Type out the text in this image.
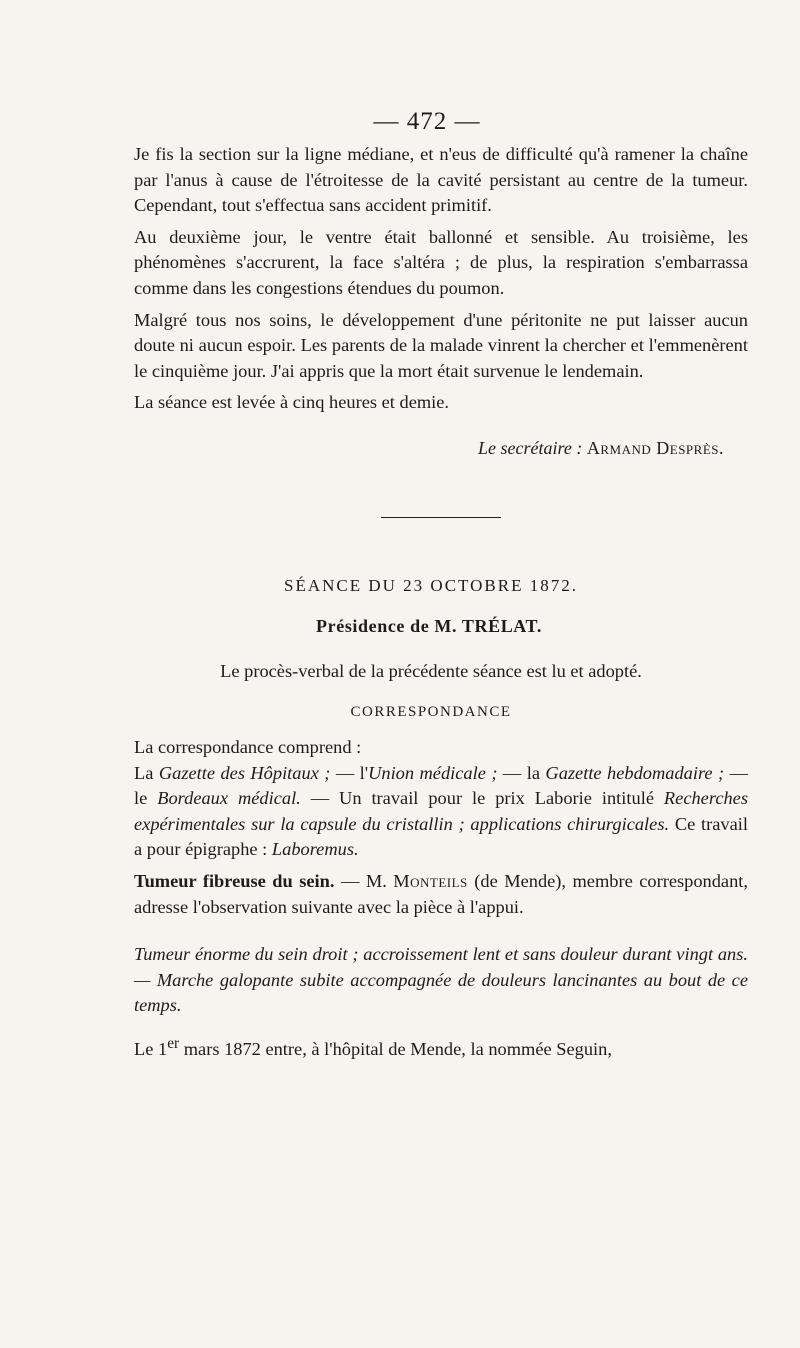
— 472 —

Je fis la section sur la ligne médiane, et n'eus de difficulté qu'à ramener la chaîne par l'anus à cause de l'étroitesse de la cavité persistant au centre de la tumeur. Cependant, tout s'effectua sans accident primitif.

Au deuxième jour, le ventre était ballonné et sensible. Au troisième, les phénomènes s'accrurent, la face s'altéra ; de plus, la respiration s'embarrassa comme dans les congestions étendues du poumon.

Malgré tous nos soins, le développement d'une péritonite ne put laisser aucun doute ni aucun espoir. Les parents de la malade vinrent la chercher et l'emmenèrent le cinquième jour. J'ai appris que la mort était survenue le lendemain.

La séance est levée à cinq heures et demie.

Le secrétaire : Armand Desprès.
SÉANCE DU 23 OCTOBRE 1872.
Présidence de M. TRÉLAT.
Le procès-verbal de la précédente séance est lu et adopté.
CORRESPONDANCE

La correspondance comprend :

La Gazette des Hôpitaux ; — l'Union médicale ; — la Gazette hebdomadaire ; — le Bordeaux médical. — Un travail pour le prix Laborie intitulé Recherches expérimentales sur la capsule du cristallin ; applications chirurgicales. Ce travail a pour épigraphe : Laboremus.

Tumeur fibreuse du sein. — M. Monteils (de Mende), membre correspondant, adresse l'observation suivante avec la pièce à l'appui.

Tumeur énorme du sein droit ; accroissement lent et sans douleur durant vingt ans. — Marche galopante subite accompagnée de douleurs lancinantes au bout de ce temps.

Le 1er mars 1872 entre, à l'hôpital de Mende, la nommée Seguin,
